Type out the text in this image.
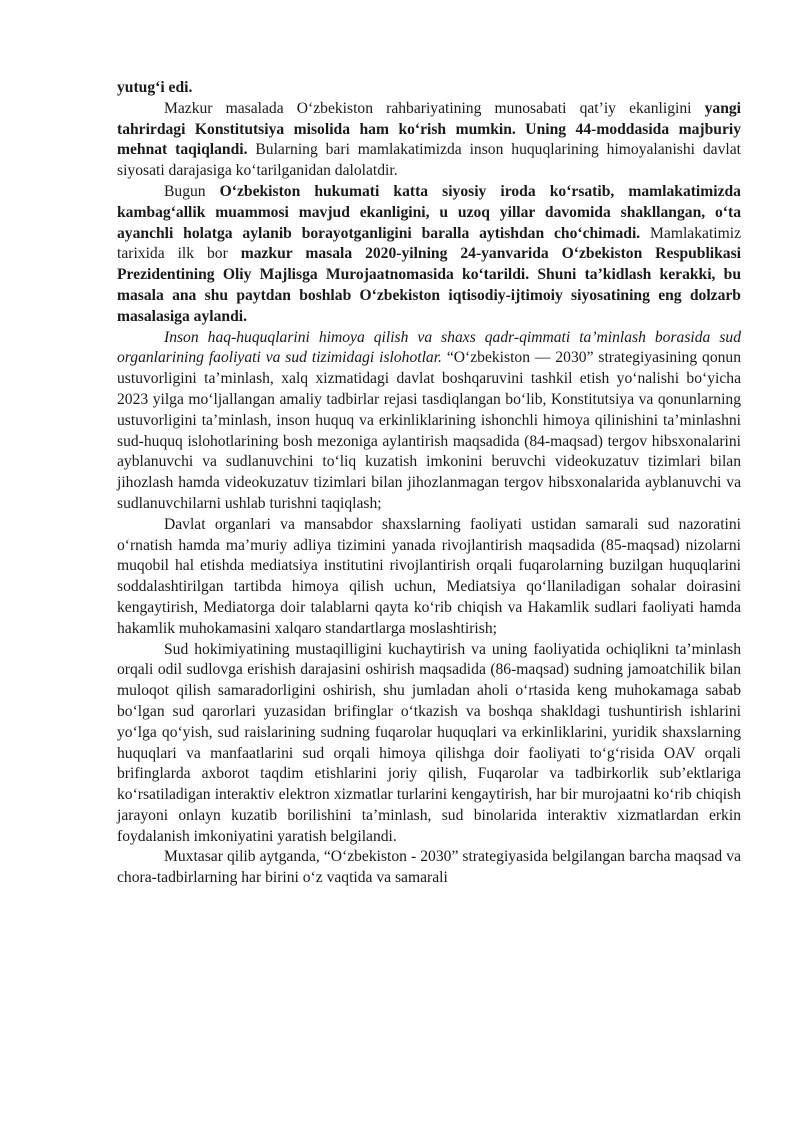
yutug‘i edi.

Mazkur masalada O‘zbekiston rahbariyatining munosabati qat’iy ekanligini yangi tahrirdagi Konstitutsiya misolida ham ko‘rish mumkin. Uning 44-moddasida majburiy mehnat taqiqlandi. Bularning bari mamlakatimizda inson huquqlarining himoyalanishi davlat siyosati darajasiga ko‘tarilganidan dalolatdir.

Bugun O‘zbekiston hukumati katta siyosiy iroda ko‘rsatib, mamlakatimizda kambag‘allik muammosi mavjud ekanligini, u uzoq yillar davomida shakllangan, o‘ta ayanchli holatga aylanib borayotganligini baralla aytishdan cho‘chimadi. Mamlakatimiz tarixida ilk bor mazkur masala 2020-yilning 24-yanvarida O‘zbekiston Respublikasi Prezidentining Oliy Majlisga Murojaatnomasida ko‘tarildi. Shuni ta’kidlash kerakki, bu masala ana shu paytdan boshlab O‘zbekiston iqtisodiy-ijtimoiy siyosatining eng dolzarb masalasiga aylandi.

Inson haq-huquqlarini himoya qilish va shaxs qadr-qimmati ta’minlash borasida sud organlarining faoliyati va sud tizimidagi islohotlar. “O‘zbekiston — 2030” strategiyasining qonun ustuvorligini ta’minlash, xalq xizmatidagi davlat boshqaruvini tashkil etish yo‘nalishi bo‘yicha 2023 yilga mo‘ljallangan amaliy tadbirlar rejasi tasdiqlangan bo‘lib, Konstitutsiya va qonunlarning ustuvorligini ta’minlash, inson huquq va erkinliklarining ishonchli himoya qilinishini ta’minlashni sud-huquq islohotlarining bosh mezoniga aylantirish maqsadida (84-maqsad) tergov hibsxonalarini ayblanuvchi va sudlanuvchini to‘liq kuzatish imkonini beruvchi videokuzatuv tizimlari bilan jihozlash hamda videokuzatuv tizimlari bilan jihozlanmagan tergov hibsxonalarida ayblanuvchi va sudlanuvchilarni ushlab turishni taqiqlash;

Davlat organlari va mansabdor shaxslarning faoliyati ustidan samarali sud nazoratini o‘rnatish hamda ma’muriy adliya tizimini yanada rivojlantirish maqsadida (85-maqsad) nizolarni muqobil hal etishda mediatsiya institutini rivojlantirish orqali fuqarolarning buzilgan huquqlarini soddalashtirilgan tartibda himoya qilish uchun, Mediatsiya qo‘llaniladigan sohalar doirasini kengaytirish, Mediatorga doir talablarni qayta ko‘rib chiqish va Hakamlik sudlari faoliyati hamda hakamlik muhokamasini xalqaro standartlarga moslashtirish;

Sud hokimiyatining mustaqilligini kuchaytirish va uning faoliyatida ochiqlikni ta’minlash orqali odil sudlovga erishish darajasini oshirish maqsadida (86-maqsad) sudning jamoatchilik bilan muloqot qilish samaradorligini oshirish, shu jumladan aholi o‘rtasida keng muhokamaga sabab bo‘lgan sud qarorlari yuzasidan brifinglar o‘tkazish va boshqa shakldagi tushuntirish ishlarini yo‘lga qo‘yish, sud raislarining sudning fuqarolar huquqlari va erkinliklarini, yuridik shaxslarning huquqlari va manfaatlarini sud orqali himoya qilishga doir faoliyati to‘g‘risida OAV orqali brifinglarda axborot taqdim etishlarini joriy qilish, Fuqarolar va tadbirkorlik sub’ektlariga ko‘rsatiladigan interaktiv elektron xizmatlar turlarini kengaytirish, har bir murojaatni ko‘rib chiqish jarayoni onlayn kuzatib borilishini ta’minlash, sud binolarida interaktiv xizmatlardan erkin foydalanish imkoniyatini yaratish belgilandi.

Muxtasar qilib aytganda, “O‘zbekiston - 2030” strategiyasida belgilangan barcha maqsad va chora-tadbirlarning har birini o‘z vaqtida va samarali
